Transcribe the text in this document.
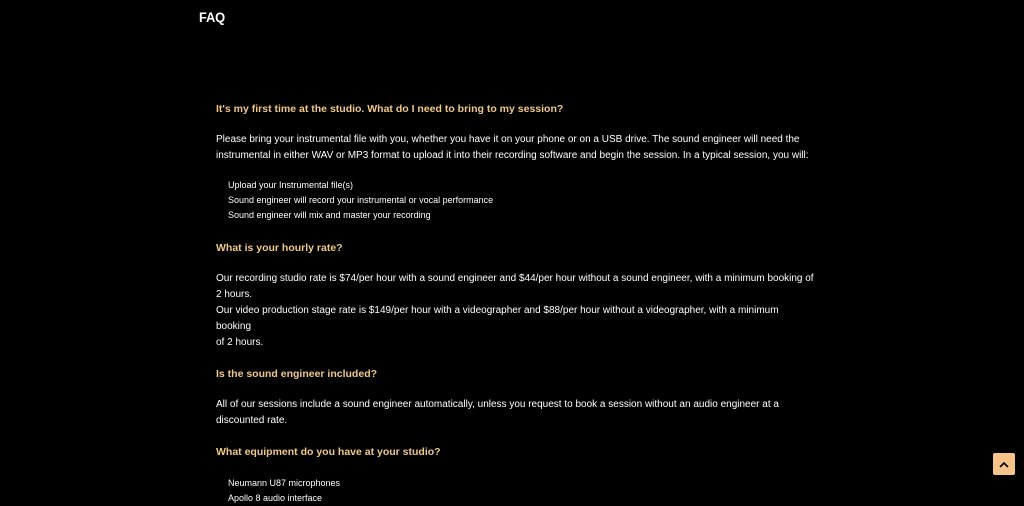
FAQ

It's my first time at the studio. What do I need to bring to my session?

Please bring your instrumental file with you, whether you have it on your phone or on a USB drive. The sound engineer will need the

instrumental in either WAV or MP3 format to upload it into their recording software and begin the session. In a typical session, you will:

Upload your Instrumental file(s)
Sound engineer will record your instrumental or vocal performance
Sound engineer will mix and master your recording

What is your hourly rate?

Our recording studio rate is $74/per hour with a sound engineer and $44/per hour without a sound engineer, with a minimum booking of

2 hours.

Our video production stage rate is $149/per hour with a videographer and $88/per hour without a videographer, with a minimum booking

of 2 hours.

Is the sound engineer included?

All of our sessions include a sound engineer automatically, unless you request to book a session without an audio engineer at a

discounted rate.

What equipment do you have at your studio?

Neumann U87 microphones
Apollo 8 audio interface
